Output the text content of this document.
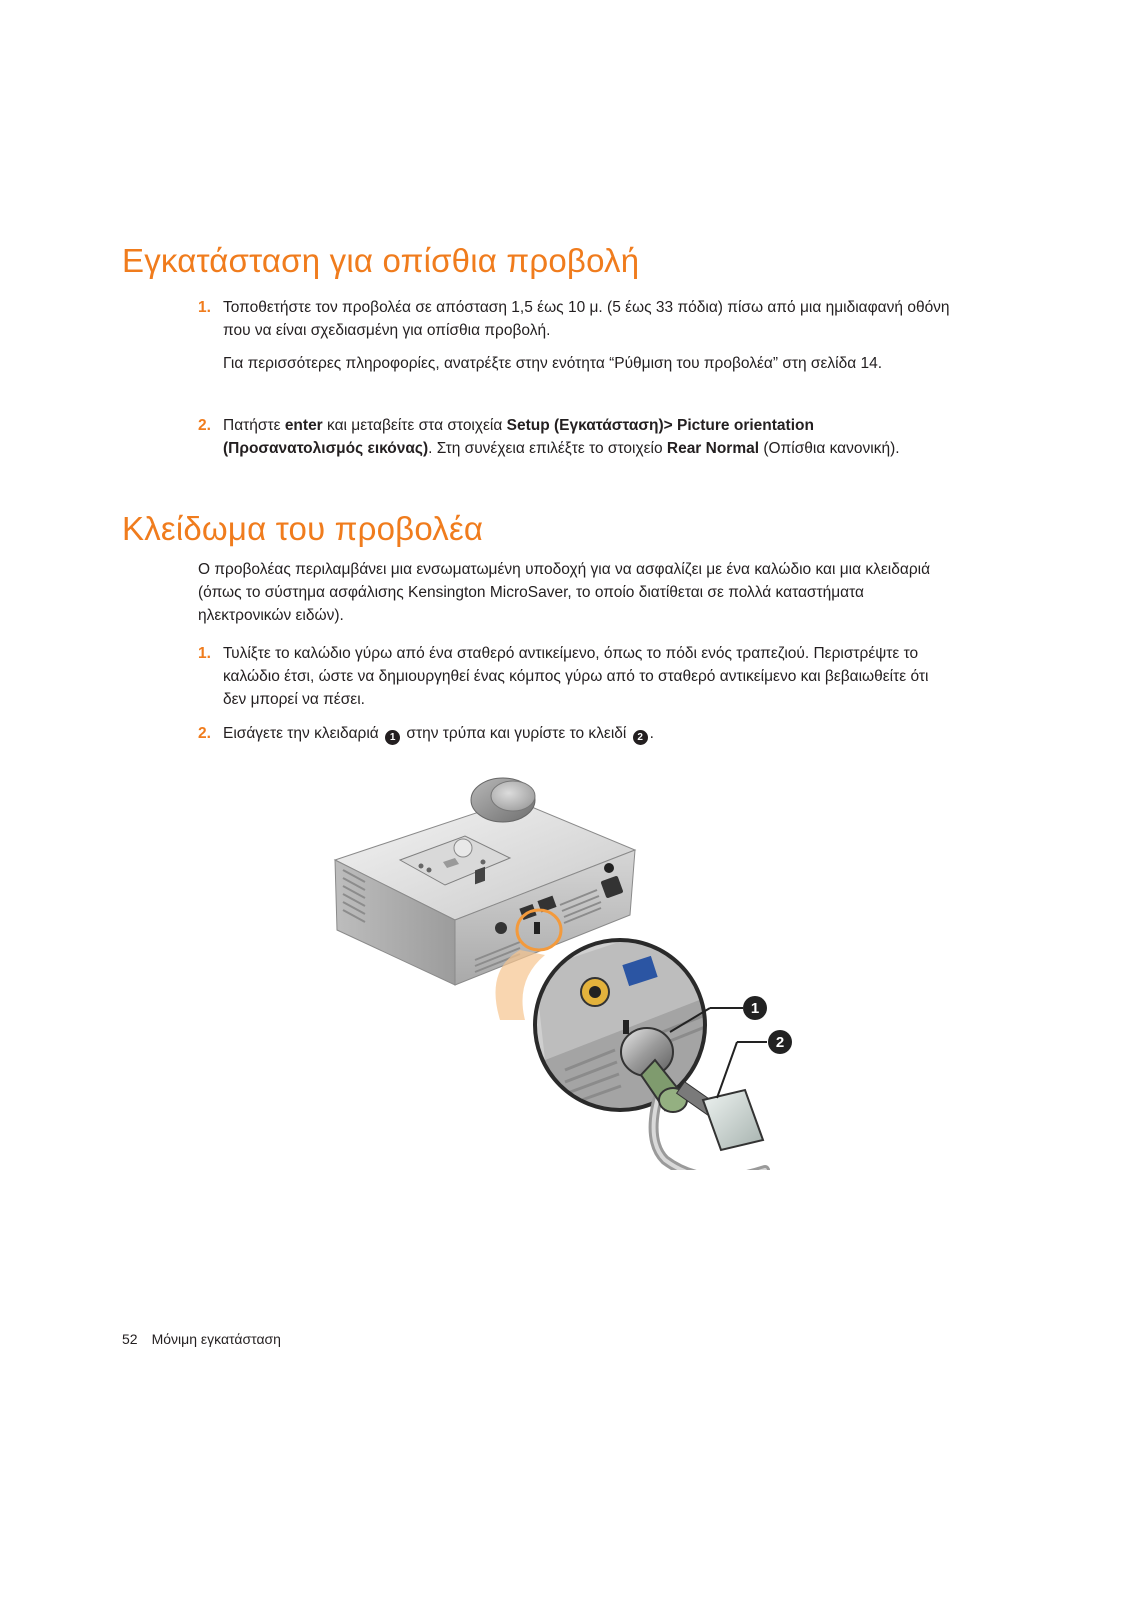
Εγκατάσταση για οπίσθια προβολή
1. Τοποθετήστε τον προβολέα σε απόσταση 1,5 έως 10 μ. (5 έως 33 πόδια) πίσω από μια ημιδιαφανή οθόνη που να είναι σχεδιασμένη για οπίσθια προβολή.

Για περισσότερες πληροφορίες, ανατρέξτε στην ενότητα “Ρύθμιση του προβολέα” στη σελίδα 14.

2. Πατήστε enter και μεταβείτε στα στοιχεία Setup (Εγκατάσταση)> Picture orientation (Προσανατολισμός εικόνας). Στη συνέχεια επιλέξτε το στοιχείο Rear Normal (Οπίσθια κανονική).

Κλείδωμα του προβολέα

Ο προβολέας περιλαμβάνει μια ενσωματωμένη υποδοχή για να ασφαλίζει με ένα καλώδιο και μια κλειδαριά (όπως το σύστημα ασφάλισης Kensington MicroSaver, το οποίο διατίθεται σε πολλά καταστήματα ηλεκτρονικών ειδών).

1. Τυλίξτε το καλώδιο γύρω από ένα σταθερό αντικείμενο, όπως το πόδι ενός τραπεζιού. Περιστρέψτε το καλώδιο έτσι, ώστε να δημιουργηθεί ένας κόμπος γύρω από το σταθερό αντικείμενο και βεβαιωθείτε ότι δεν μπορεί να πέσει.

2. Εισάγετε την κλειδαριά 1 στην τρύπα και γυρίστε το κλειδί 2 .

1
2
52 Μόνιμη εγκατάσταση
